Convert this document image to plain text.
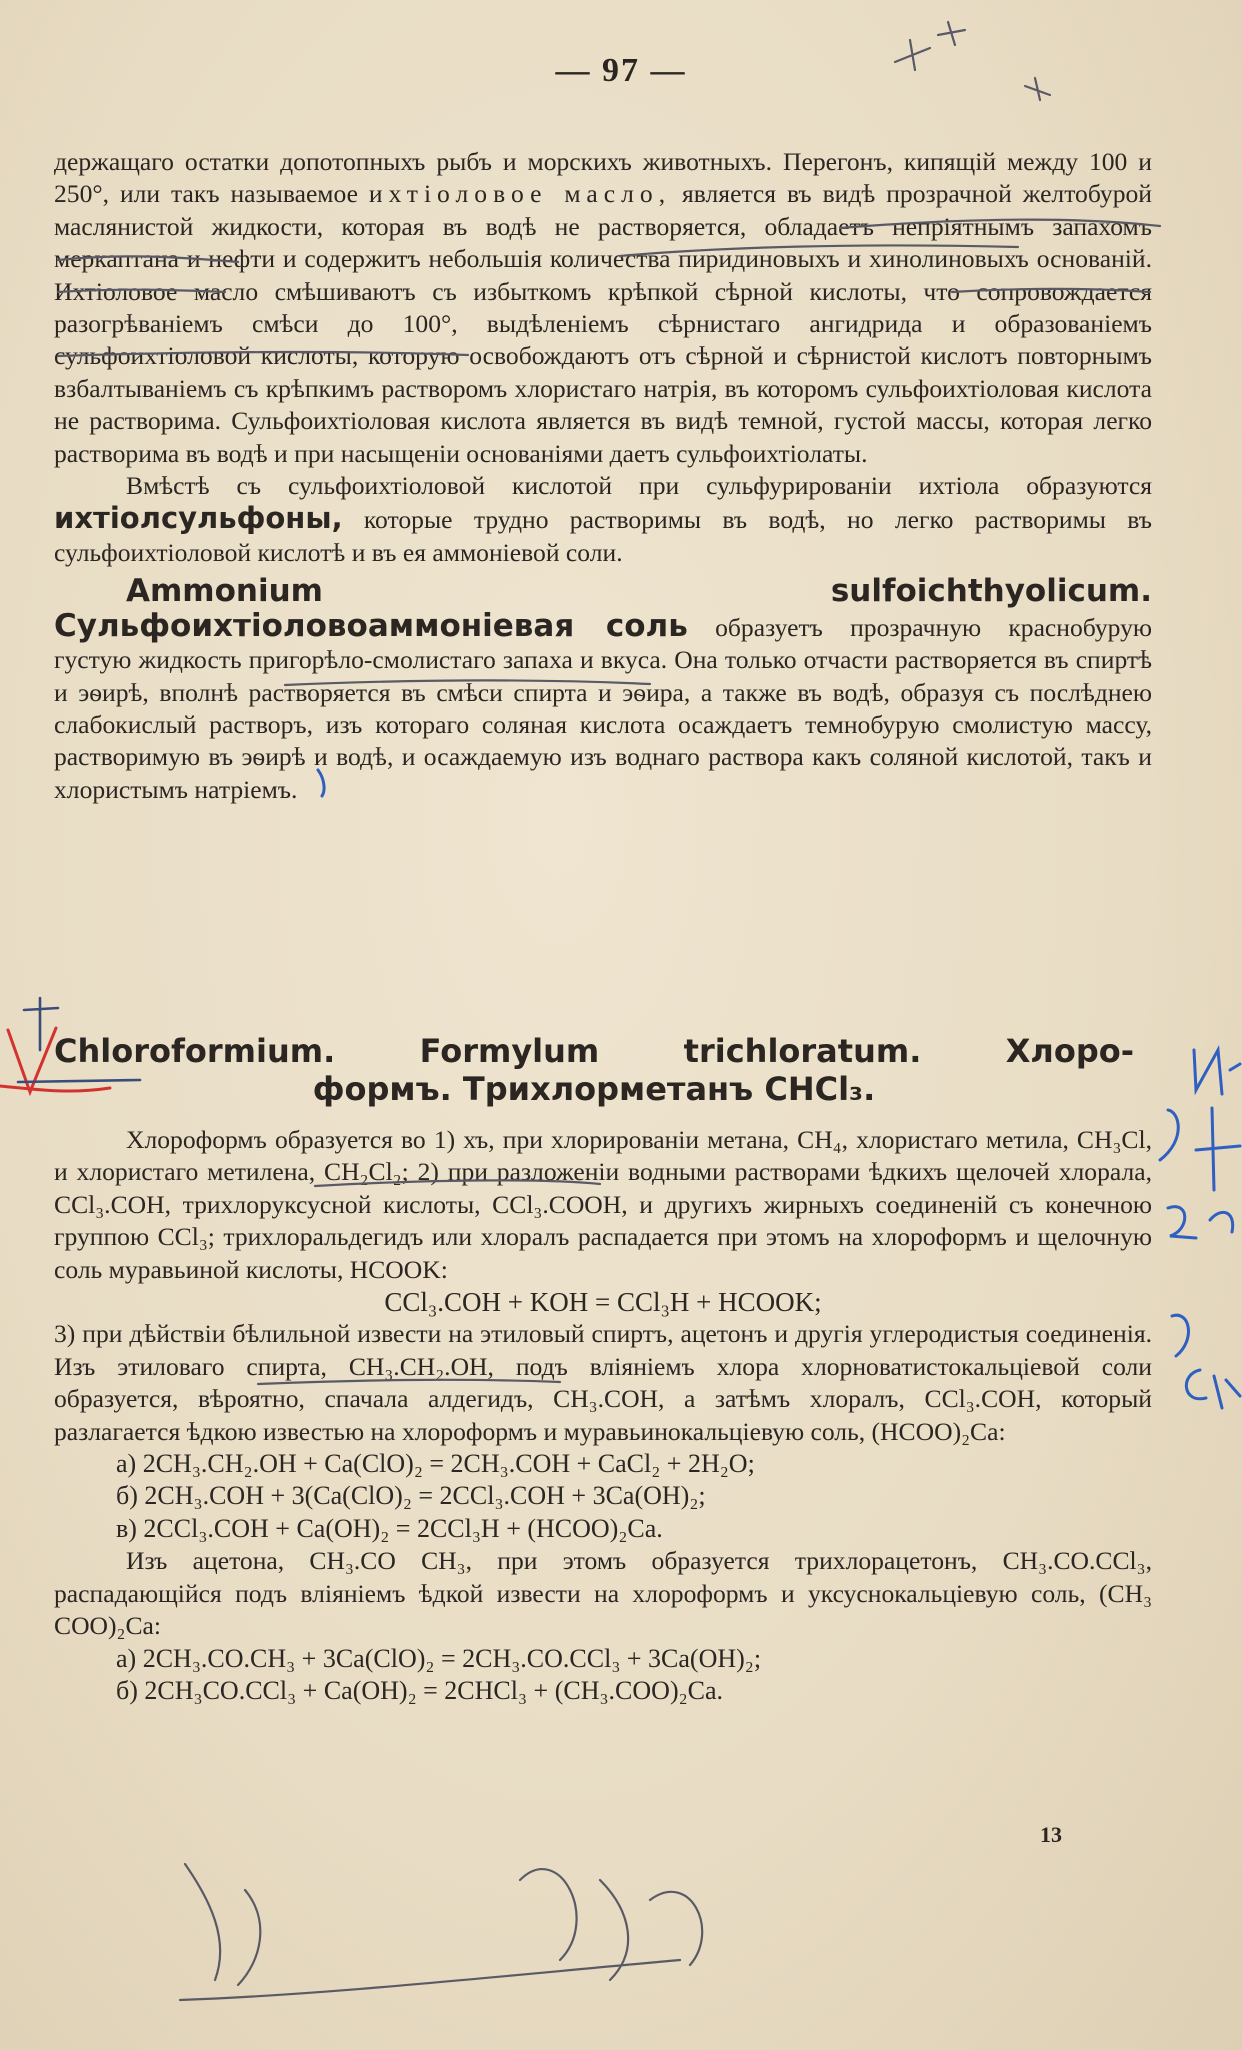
— 97 —

держащаго остатки допотопныхъ рыбъ и морскихъ животныхъ. Перегонъ, кипящій между 100 и 250°, или такъ называемое ихтіоловое масло, является въ видѣ прозрачной желтобурой маслянистой жидкости, которая въ водѣ не растворяется, обладаетъ непріятнымъ запахомъ меркаптана и нефти и содержитъ небольшія количества пиридиновыхъ и хинолиновыхъ основаній. Ихтіоловое масло смѣшиваютъ съ избыткомъ крѣпкой сѣрной кислоты, что сопровождается разогрѣваніемъ смѣси до 100°, выдѣленіемъ сѣрнистаго ангидрида и образованіемъ сульфоихтіоловой кислоты, которую освобождаютъ отъ сѣрной и сѣрнистой кислотъ повторнымъ взбалтываніемъ съ крѣпкимъ растворомъ хлористаго натрія, въ которомъ сульфоихтіоловая кислота не растворима. Сульфоихтіоловая кислота является въ видѣ темной, густой массы, которая легко растворима въ водѣ и при насыщеніи основаніями даетъ сульфоихтіолаты.

Вмѣстѣ съ сульфоихтіоловой кислотой при сульфурированіи ихтіола образуются ихтіолсульфоны, которые трудно растворимы въ водѣ, но легко растворимы въ сульфоихтіоловой кислотѣ и въ ея аммоніевой соли.

Ammonium sulfoichthyolicum. Сульфоихтіоловоаммоніевая соль образуетъ прозрачную краснобурую густую жидкость пригорѣло-смолистаго запаха и вкуса. Она только отчасти растворяется въ спиртѣ и эѳирѣ, вполнѣ растворяется въ смѣси спирта и эѳира, а также въ водѣ, образуя съ послѣднею слабокислый растворъ, изъ котораго соляная кислота осаждаетъ темнобурую смолистую массу, растворимую въ эѳирѣ и водѣ, и осаждаемую изъ воднаго раствора какъ соляной кислотой, такъ и хлористымъ натріемъ.

Chloroformium. Formylum trichloratum. Хлоро-
формъ. Трихлорметанъ CHCl₃.

Хлороформъ образуется во 1) хъ, при хлорированіи метана, CH₄, хлористаго метила, CH₃Cl, и хлористаго метилена, CH₂Cl₂; 2) при разложеніи водными растворами ѣдкихъ щелочей хлорала, CCl₃.COH, трихлоруксусной кислоты, CCl₃.COOH, и другихъ жирныхъ соединеній съ конечною группою CCl₃; трихлоральдегидъ или хлоралъ распадается при этомъ на хлороформъ и щелочную соль муравьиной кислоты, HCOOK:

CCl₃.COH + KOH = CCl₃H + HCOOK;

3) при дѣйствіи бѣлильной извести на этиловый спиртъ, ацетонъ и другія углеродистыя соединенія. Изъ этиловаго спирта, CH₃.CH₂.OH, подъ вліяніемъ хлора хлорноватистокальціевой соли образуется, вѣроятно, спачала алдегидъ, CH₃.COH, а затѣмъ хлоралъ, CCl₃.COH, который разлагается ѣдкою известью на хлороформъ и муравьинокальціевую соль, (HCOO)₂Ca:

а) 2CH₃.CH₂.OH + Ca(ClO)₂ = 2CH₃.COH + CaCl₂ + 2H₂O;
б) 2CH₃.COH + 3(Ca(ClO)₂ = 2CCl₃.COH + 3Ca(OH)₂;
в) 2CCl₃.COH + Ca(OH)₂ = 2CCl₃H + (HCOO)₂Ca.

Изъ ацетона, CH₃.CO CH₃, при этомъ образуется трихлорацетонъ, CH₃.CO.CCl₃, распадающійся подъ вліяніемъ ѣдкой извести на хлороформъ и уксуснокальціевую соль, (CH₃ COO)₂Ca:

а) 2CH₃.CO.CH₃ + 3Ca(ClO)₂ = 2CH₃.CO.CCl₃ + 3Ca(OH)₂;
б) 2CH₃CO.CCl₃ + Ca(OH)₂ = 2CHCl₃ + (CH₃.COO)₂Ca.
13
